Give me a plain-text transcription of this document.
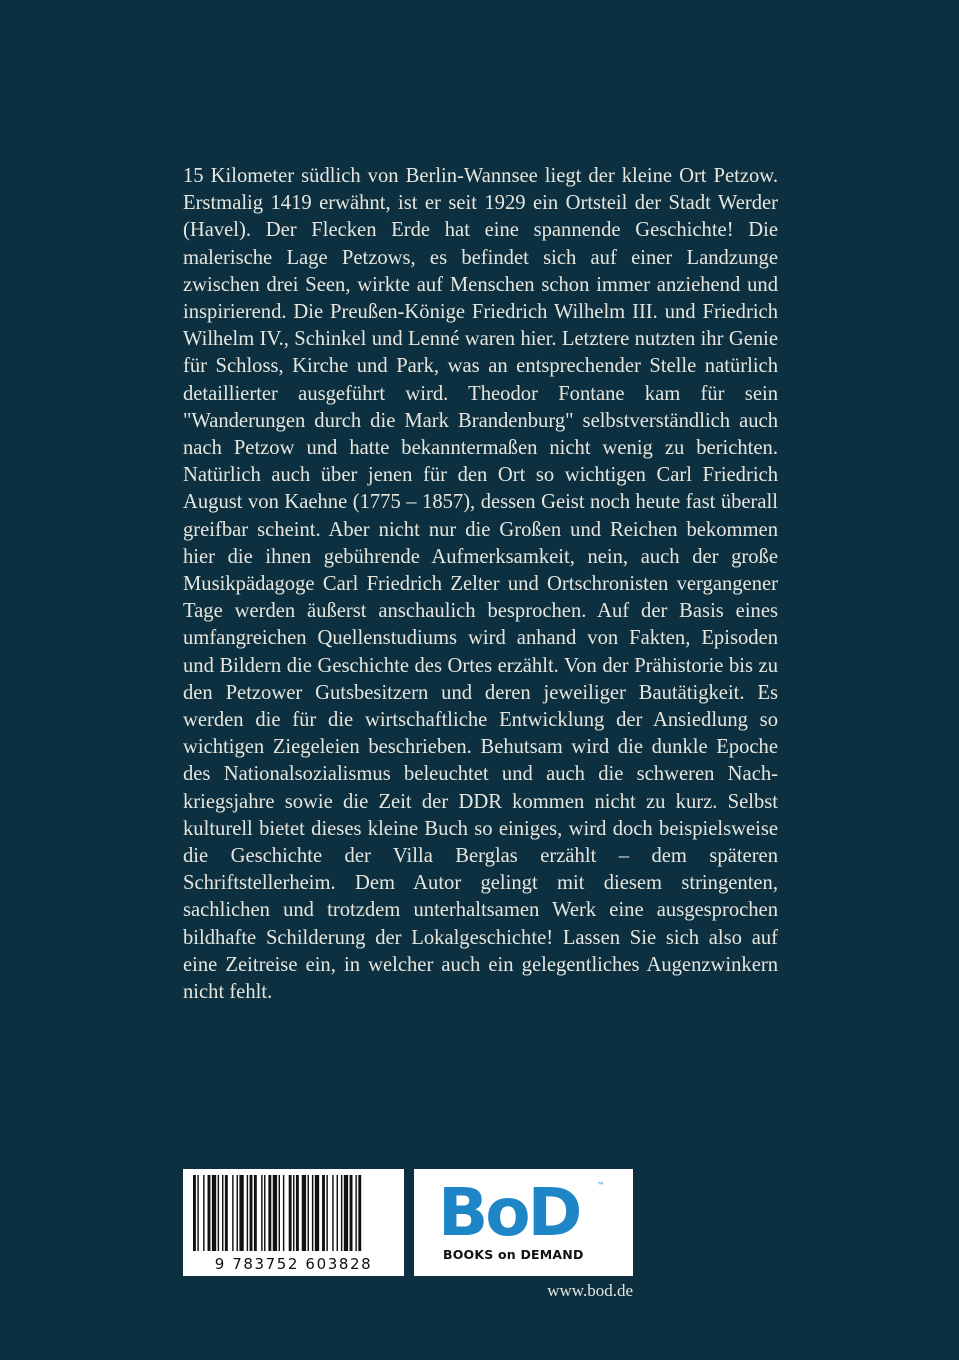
15 Kilometer südlich von Berlin-Wannsee liegt der kleine Ort Petzow. Erstmalig 1419 erwähnt, ist er seit 1929 ein Ortsteil der Stadt Werder (Havel). Der Flecken Erde hat eine spannende Geschichte! Die malerische Lage Petzows, es befindet sich auf einer Landzunge zwischen drei Seen, wirkte auf Menschen schon immer anziehend und inspirierend. Die Preußen-Könige Friedrich Wilhelm III. und Friedrich Wilhelm IV., Schinkel und Lenné waren hier. Letztere nutzten ihr Genie für Schloss, Kirche und Park, was an entsprechender Stelle natürlich detaillierter ausgeführt wird. Theodor Fontane kam für sein "Wanderungen durch die Mark Brandenburg" selbstverständlich auch nach Petzow und hatte bekanntermaßen nicht wenig zu berichten. Natürlich auch über jenen für den Ort so wichtigen Carl Friedrich August von Kaehne (1775 – 1857), dessen Geist noch heute fast überall greifbar scheint. Aber nicht nur die Großen und Reichen bekommen hier die ihnen gebührende Aufmerksamkeit, nein, auch der große Musikpädagoge Carl Friedrich Zelter und Ortschronisten vergangener Tage werden äußerst anschaulich besprochen. Auf der Basis eines umfangreichen Quellenstudiums wird anhand von Fakten, Episoden und Bildern die Geschichte des Ortes erzählt. Von der Prähistorie bis zu den Petzower Gutsbesitzern und deren jeweiliger Bautätigkeit. Es werden die für die wirtschaftliche Entwicklung der Ansiedlung so wichtigen Ziegeleien beschrieben. Behutsam wird die dunkle Epoche des Nationalsozialismus beleuchtet und auch die schweren Nachkriegsjahre sowie die Zeit der DDR kommen nicht zu kurz. Selbst kulturell bietet dieses kleine Buch so einiges, wird doch beispielsweise die Geschichte der Villa Berglas erzählt – dem späteren Schriftstellerheim. Dem Autor gelingt mit diesem stringenten, sachlichen und trotzdem unterhaltsamen Werk eine ausgesprochen bildhafte Schilderung der Lokalgeschichte! Lassen Sie sich also auf eine Zeitreise ein, in welcher auch ein gelegentliches Augenzwinkern nicht fehlt.

9 783752 603828
BoD ™
BOOKS on DEMAND
www.bod.de
